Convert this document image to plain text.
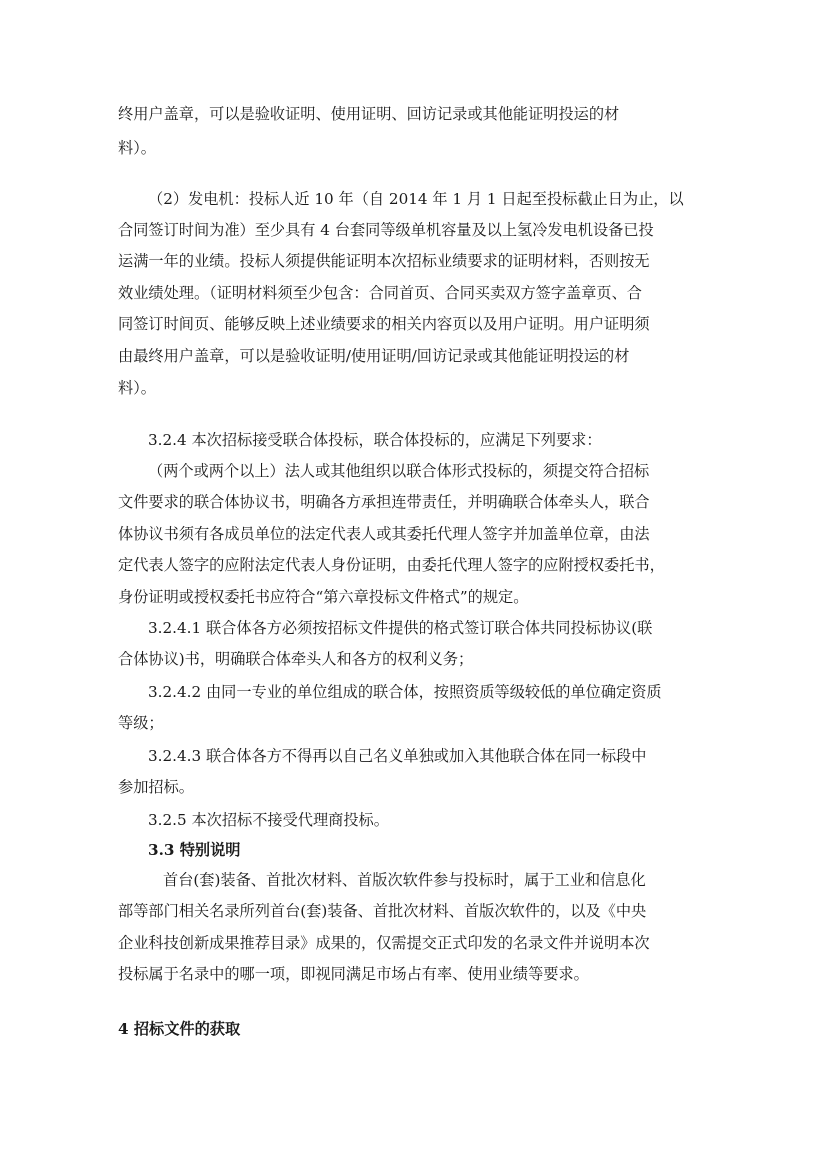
终用户盖章，可以是验收证明、使用证明、回访记录或其他能证明投运的材

料）。

（2）发电机：投标人近 10 年（自 2014 年 1 月 1 日起至投标截止日为止，以

合同签订时间为准）至少具有 4 台套同等级单机容量及以上氢冷发电机设备已投

运满一年的业绩。投标人须提供能证明本次招标业绩要求的证明材料，否则按无

效业绩处理。（证明材料须至少包含：合同首页、合同买卖双方签字盖章页、合

同签订时间页、能够反映上述业绩要求的相关内容页以及用户证明。用户证明须

由最终用户盖章，可以是验收证明/使用证明/回访记录或其他能证明投运的材

料）。

3.2.4 本次招标接受联合体投标，联合体投标的，应满足下列要求：

（两个或两个以上）法人或其他组织以联合体形式投标的，须提交符合招标

文件要求的联合体协议书，明确各方承担连带责任，并明确联合体牵头人，联合

体协议书须有各成员单位的法定代表人或其委托代理人签字并加盖单位章，由法

定代表人签字的应附法定代表人身份证明，由委托代理人签字的应附授权委托书，

身份证明或授权委托书应符合“第六章投标文件格式”的规定。

3.2.4.1 联合体各方必须按招标文件提供的格式签订联合体共同投标协议(联

合体协议)书，明确联合体牵头人和各方的权利义务；

3.2.4.2 由同一专业的单位组成的联合体，按照资质等级较低的单位确定资质

等级；

3.2.4.3 联合体各方不得再以自己名义单独或加入其他联合体在同一标段中

参加招标。

3.2.5 本次招标不接受代理商投标。

3.3 特别说明

首台(套)装备、首批次材料、首版次软件参与投标时，属于工业和信息化

部等部门相关名录所列首台(套)装备、首批次材料、首版次软件的，以及《中央

企业科技创新成果推荐目录》成果的，仅需提交正式印发的名录文件并说明本次

投标属于名录中的哪一项，即视同满足市场占有率、使用业绩等要求。

4 招标文件的获取
